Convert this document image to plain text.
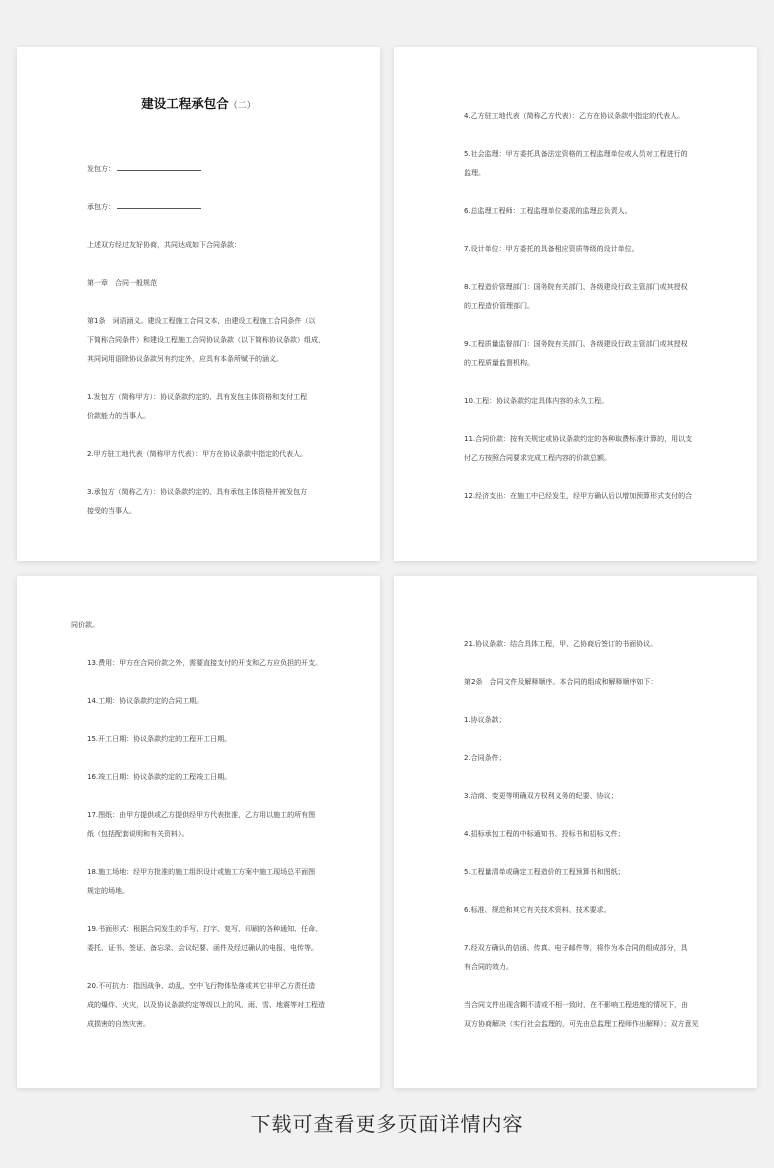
建设工程承包合（二）

发包方：

承包方：

上述双方经过友好协商，共同达成如下合同条款：

第一章　合同一般规范

第1条　词语涵义。建设工程施工合同文本，由建设工程施工合同条件（以

下简称合同条件）和建设工程施工合同协议条款（以下简称协议条款）组成，

其同词用语除协议条款另有约定外，应具有本条所赋予的涵义。

1.发包方（简称甲方）：协议条款约定的、具有发包主体资格和支付工程

价款能力的当事人。

2.甲方驻工地代表（简称甲方代表）：甲方在协议条款中指定的代表人。

3.承包方（简称乙方）：协议条款约定的、具有承包主体资格并被发包方

接受的当事人。

4.乙方驻工地代表（简称乙方代表）：乙方在协议条款中指定的代表人。

5.社会监理：甲方委托具备法定资格的工程监理单位或人员对工程进行的

监理。

6.总监理工程师：工程监理单位委派的监理总负责人。

7.设计单位：甲方委托的具备相应资质等级的设计单位。

8.工程造价管理部门：国务院有关部门、各级建设行政主管部门或其授权

的工程造价管理部门。

9.工程质量监督部门：国务院有关部门、各级建设行政主管部门或其授权

的工程质量监督机构。

10.工程：协议条款约定具体内容的永久工程。

11.合同价款：按有关规定或协议条款约定的各种取费标准计算的，用以支

付乙方按照合同要求完成工程内容的价款总额。

12.经济支出：在施工中已经发生，经甲方确认后以增加预算形式支付的合

同价款。

13.费用：甲方在合同价款之外，需要直接支付的开支和乙方应负担的开支。

14.工期：协议条款约定的合同工期。

15.开工日期：协议条款约定的工程开工日期。

16.竣工日期：协议条款约定的工程竣工日期。

17.图纸：由甲方提供或乙方提供经甲方代表批准，乙方用以施工的所有图

纸（包括配套说明和有关资料）。

18.施工场地：经甲方批准的施工组织设计或施工方案中施工现场总平面图

规定的场地。

19.书面形式：根据合同发生的手写、打字、复写、印刷的各种通知、任命、

委托、证书、签证、备忘录、会议纪要、函件及经过确认的电报、电传等。

20.不可抗力：指因战争、动乱、空中飞行物体坠落或其它非甲乙方责任造

成的爆炸、火灾，以及协议条款约定等级以上的风、雨、雪、地震等对工程造

成损害的自然灾害。

21.协议条款：结合具体工程，甲、乙协商后签订的书面协议。

第2条　合同文件及解释顺序。本合同的组成和解释顺序如下：

1.协议条款；

2.合同条件；

3.洽商、变更等明确双方权利义务的纪要、协议；

4.招标承包工程的中标通知书、投标书和招标文件；

5.工程量清单或确定工程造价的工程预算书和图纸；

6.标准、规范和其它有关技术资料、技术要求。

7.经双方确认的信函、传真、电子邮件等，将作为本合同的组成部分，具

有合同的效力。

当合同文件出现含糊不清或不相一致时，在不影响工程进度的情况下，由

双方协商解决（实行社会监理的，可先由总监理工程师作出解释）；双方意见

下载可查看更多页面详情内容
